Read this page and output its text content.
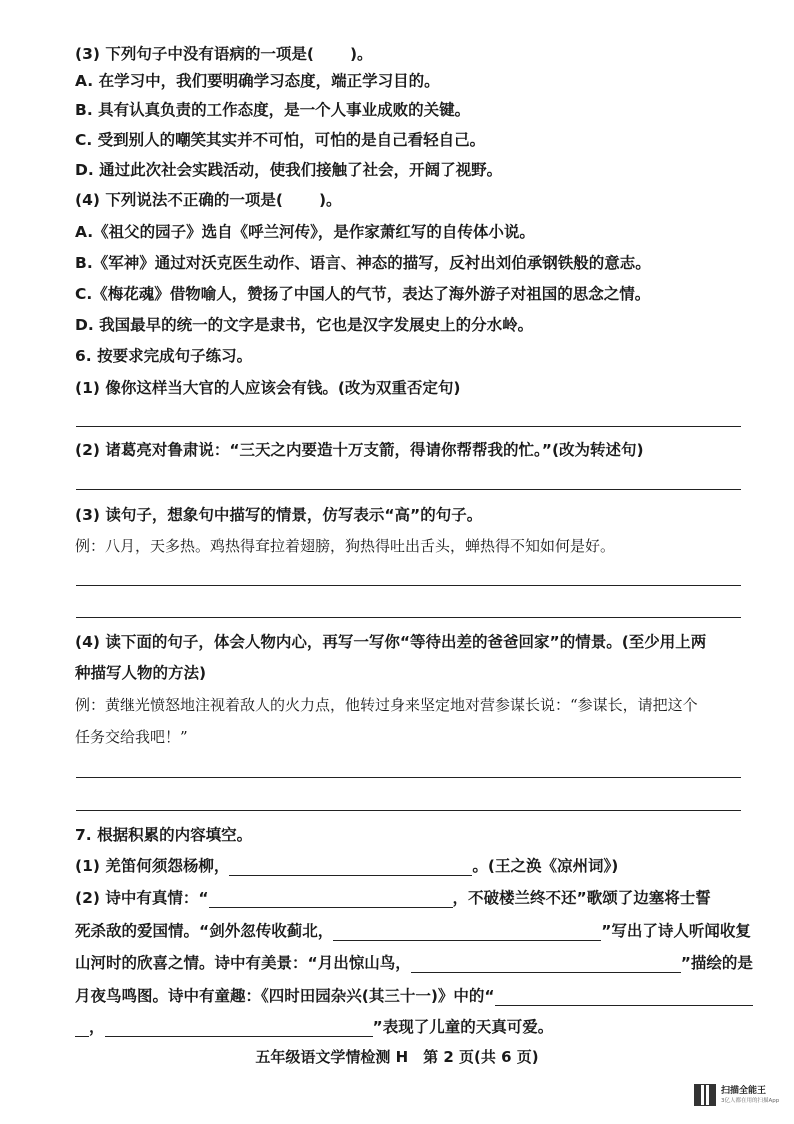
(3) 下列句子中没有语病的一项是( )。
A. 在学习中，我们要明确学习态度，端正学习目的。
B. 具有认真负责的工作态度，是一个人事业成败的关键。
C. 受到别人的嘲笑其实并不可怕，可怕的是自己看轻自己。
D. 通过此次社会实践活动，使我们接触了社会，开阔了视野。
(4) 下列说法不正确的一项是( )。
A.《祖父的园子》选自《呼兰河传》，是作家萧红写的自传体小说。
B.《军神》通过对沃克医生动作、语言、神态的描写，反衬出刘伯承钢铁般的意志。
C.《梅花魂》借物喻人，赞扬了中国人的气节，表达了海外游子对祖国的思念之情。
D. 我国最早的统一的文字是隶书，它也是汉字发展史上的分水岭。
6. 按要求完成句子练习。
(1) 像你这样当大官的人应该会有钱。(改为双重否定句)
(2) 诸葛亮对鲁肃说：“三天之内要造十万支箭，得请你帮帮我的忙。”(改为转述句)
(3) 读句子，想象句中描写的情景，仿写表示“高”的句子。
例：八月，天多热。鸡热得耷拉着翅膀，狗热得吐出舌头，蝉热得不知如何是好。
(4) 读下面的句子，体会人物内心，再写一写你“等待出差的爸爸回家”的情景。(至少用上两
种描写人物的方法)
例：黄继光愤怒地注视着敌人的火力点，他转过身来坚定地对营参谋长说：“参谋长，请把这个
任务交给我吧！”
7. 根据积累的内容填空。
(1) 羌笛何须怨杨柳，	。(王之涣《凉州词》)
(2) 诗中有真情：“	，不破楼兰终不还”歌颂了边塞将士誓
死杀敌的爱国情。“剑外忽传收蓟北，	”写出了诗人听闻收复
山河时的欣喜之情。诗中有美景：“月出惊山鸟，	”描绘的是
月夜鸟鸣图。诗中有童趣：《四时田园杂兴(其三十一)》中的“
，	”表现了儿童的天真可爱。
五年级语文学情检测 H　第 2 页(共 6 页)
扫描全能王
3亿人都在用的扫描App
